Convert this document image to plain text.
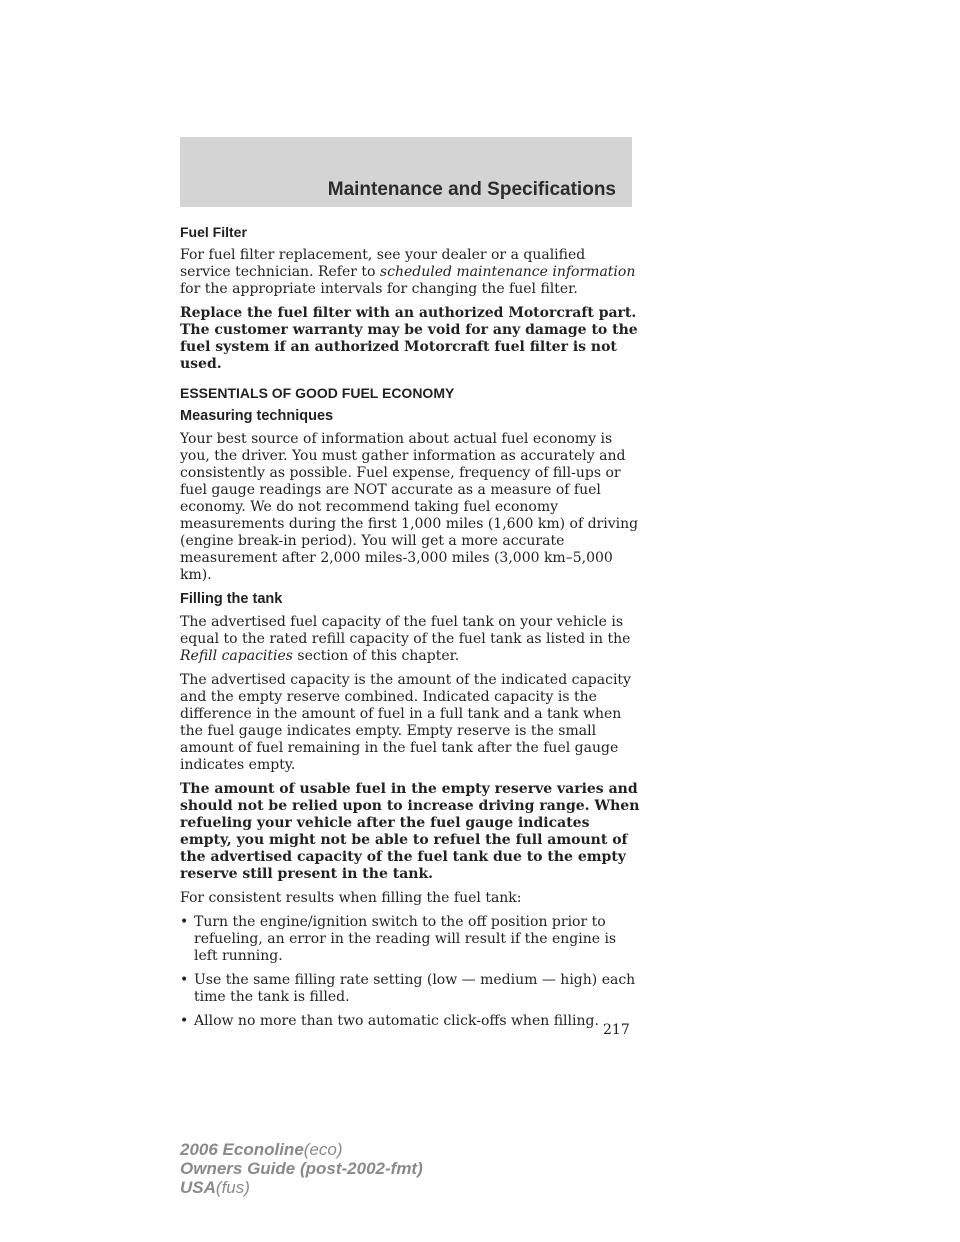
Maintenance and Specifications
Fuel Filter

For fuel filter replacement, see your dealer or a qualified service technician. Refer to scheduled maintenance information for the appropriate intervals for changing the fuel filter.

Replace the fuel filter with an authorized Motorcraft part. The customer warranty may be void for any damage to the fuel system if an authorized Motorcraft fuel filter is not used.

ESSENTIALS OF GOOD FUEL ECONOMY
Measuring techniques

Your best source of information about actual fuel economy is you, the driver. You must gather information as accurately and consistently as possible. Fuel expense, frequency of fill-ups or fuel gauge readings are NOT accurate as a measure of fuel economy. We do not recommend taking fuel economy measurements during the first 1,000 miles (1,600 km) of driving (engine break-in period). You will get a more accurate measurement after 2,000 miles-3,000 miles (3,000 km–5,000 km).

Filling the tank

The advertised fuel capacity of the fuel tank on your vehicle is equal to the rated refill capacity of the fuel tank as listed in the Refill capacities section of this chapter.

The advertised capacity is the amount of the indicated capacity and the empty reserve combined. Indicated capacity is the difference in the amount of fuel in a full tank and a tank when the fuel gauge indicates empty. Empty reserve is the small amount of fuel remaining in the fuel tank after the fuel gauge indicates empty.

The amount of usable fuel in the empty reserve varies and should not be relied upon to increase driving range. When refueling your vehicle after the fuel gauge indicates empty, you might not be able to refuel the full amount of the advertised capacity of the fuel tank due to the empty reserve still present in the tank.

For consistent results when filling the fuel tank:

• Turn the engine/ignition switch to the off position prior to refueling, an error in the reading will result if the engine is left running.
• Use the same filling rate setting (low — medium — high) each time the tank is filled.
• Allow no more than two automatic click-offs when filling.
217
2006 Econoline(eco)
Owners Guide (post-2002-fmt)
USA(fus)
